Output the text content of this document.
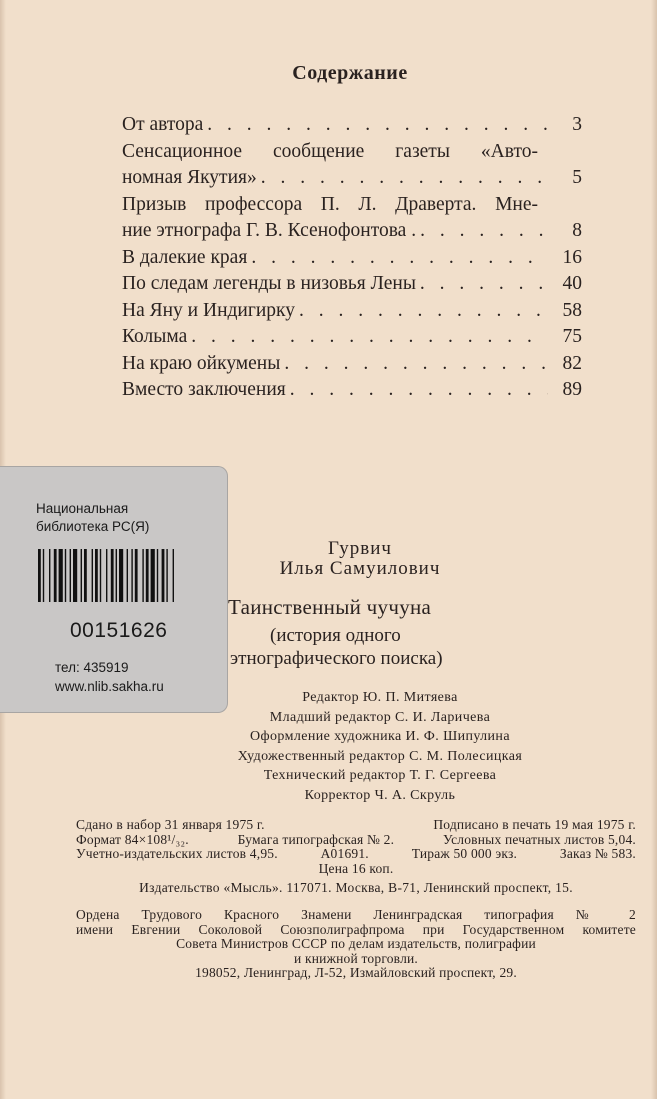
Содержание
От автора . . .	3
Сенсационное сообщение газеты «Авто-
номная Якутия» . . .	5
Призыв профессора П. Л. Драверта. Мне-
ние этнографа Г. В. Ксенофонтова . . . .	8
В далекие края . . .	16
По следам легенды в низовья Лены . . .	40
На Яну и Индигирку . . .	58
Колыма . . .	75
На краю ойкумены . . .	82
Вместо заключения . . .	89
Национальная
библиотека РС(Я)
00151626
тел: 435919
www.nlib.sakha.ru
Гурвич
Илья Самуилович
Таинственный чучуна
(история одного
этнографического поиска)
Редактор Ю. П. Митяева
Младший редактор С. И. Ларичева
Оформление художника И. Ф. Шипулина
Художественный редактор С. М. Полесицкая
Технический редактор Т. Г. Сергеева
Корректор Ч. А. Скруль
Сдано в набор 31 января 1975 г.	Подписано в печать 19 мая 1975 г.
Формат 84×108¹/₃₂.	Бумага типографская № 2.	Условных печатных листов 5,04.
Учетно-издательских листов 4,95.	А01691.	Тираж 50 000 экз.	Заказ № 583.
Цена 16 коп.
Издательство «Мысль». 117071. Москва, В-71, Ленинский проспект, 15.
Ордена Трудового Красного Знамени Ленинградская типография № 2
имени Евгении Соколовой Союзполиграфпрома при Государственном комитете
Совета Министров СССР по делам издательств, полиграфии
и книжной торговли.
198052, Ленинград, Л-52, Измайловский проспект, 29.
